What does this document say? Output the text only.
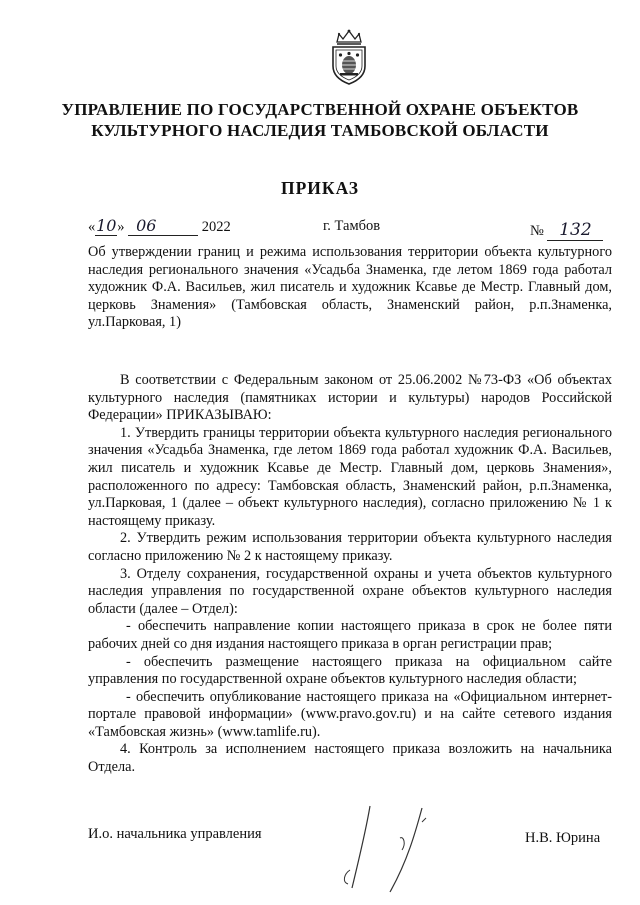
УПРАВЛЕНИЕ ПО ГОСУДАРСТВЕННОЙ ОХРАНЕ ОБЪЕКТОВ
КУЛЬТУРНОГО НАСЛЕДИЯ ТАМБОВСКОЙ ОБЛАСТИ
ПРИКАЗ
«10» 06	2022	г. Тамбов	№ 132
Об утверждении границ и режима использования территории объекта культурного наследия регионального значения «Усадьба Знаменка, где летом 1869 года работал художник Ф.А. Васильев, жил писатель и художник Ксавье де Местр. Главный дом, церковь Знамения» (Тамбовская область, Знаменский район, р.п.Знаменка, ул.Парковая, 1)

В соответствии с Федеральным законом от 25.06.2002 №73-ФЗ «Об объектах культурного наследия (памятниках истории и культуры) народов Российской Федерации» ПРИКАЗЫВАЮ:

1. Утвердить границы территории объекта культурного наследия регионального значения «Усадьба Знаменка, где летом 1869 года работал художник Ф.А. Васильев, жил писатель и художник Ксавье де Местр. Главный дом, церковь Знамения», расположенного по адресу: Тамбовская область, Знаменский район, р.п.Знаменка, ул.Парковая, 1 (далее – объект культурного наследия), согласно приложению № 1 к настоящему приказу.

2. Утвердить режим использования территории объекта культурного наследия согласно приложению № 2 к настоящему приказу.

3. Отделу сохранения, государственной охраны и учета объектов культурного наследия управления по государственной охране объектов культурного наследия области (далее – Отдел):

- обеспечить направление копии настоящего приказа в срок не более пяти рабочих дней со дня издания настоящего приказа в орган регистрации прав;

- обеспечить размещение настоящего приказа на официальном сайте управления по государственной охране объектов культурного наследия области;

- обеспечить опубликование настоящего приказа на «Официальном интернет-портале правовой информации» (www.pravo.gov.ru) и на сайте сетевого издания «Тамбовская жизнь» (www.tamlife.ru).

4. Контроль за исполнением настоящего приказа возложить на начальника Отдела.

И.о. начальника управления	Н.В. Юрина
